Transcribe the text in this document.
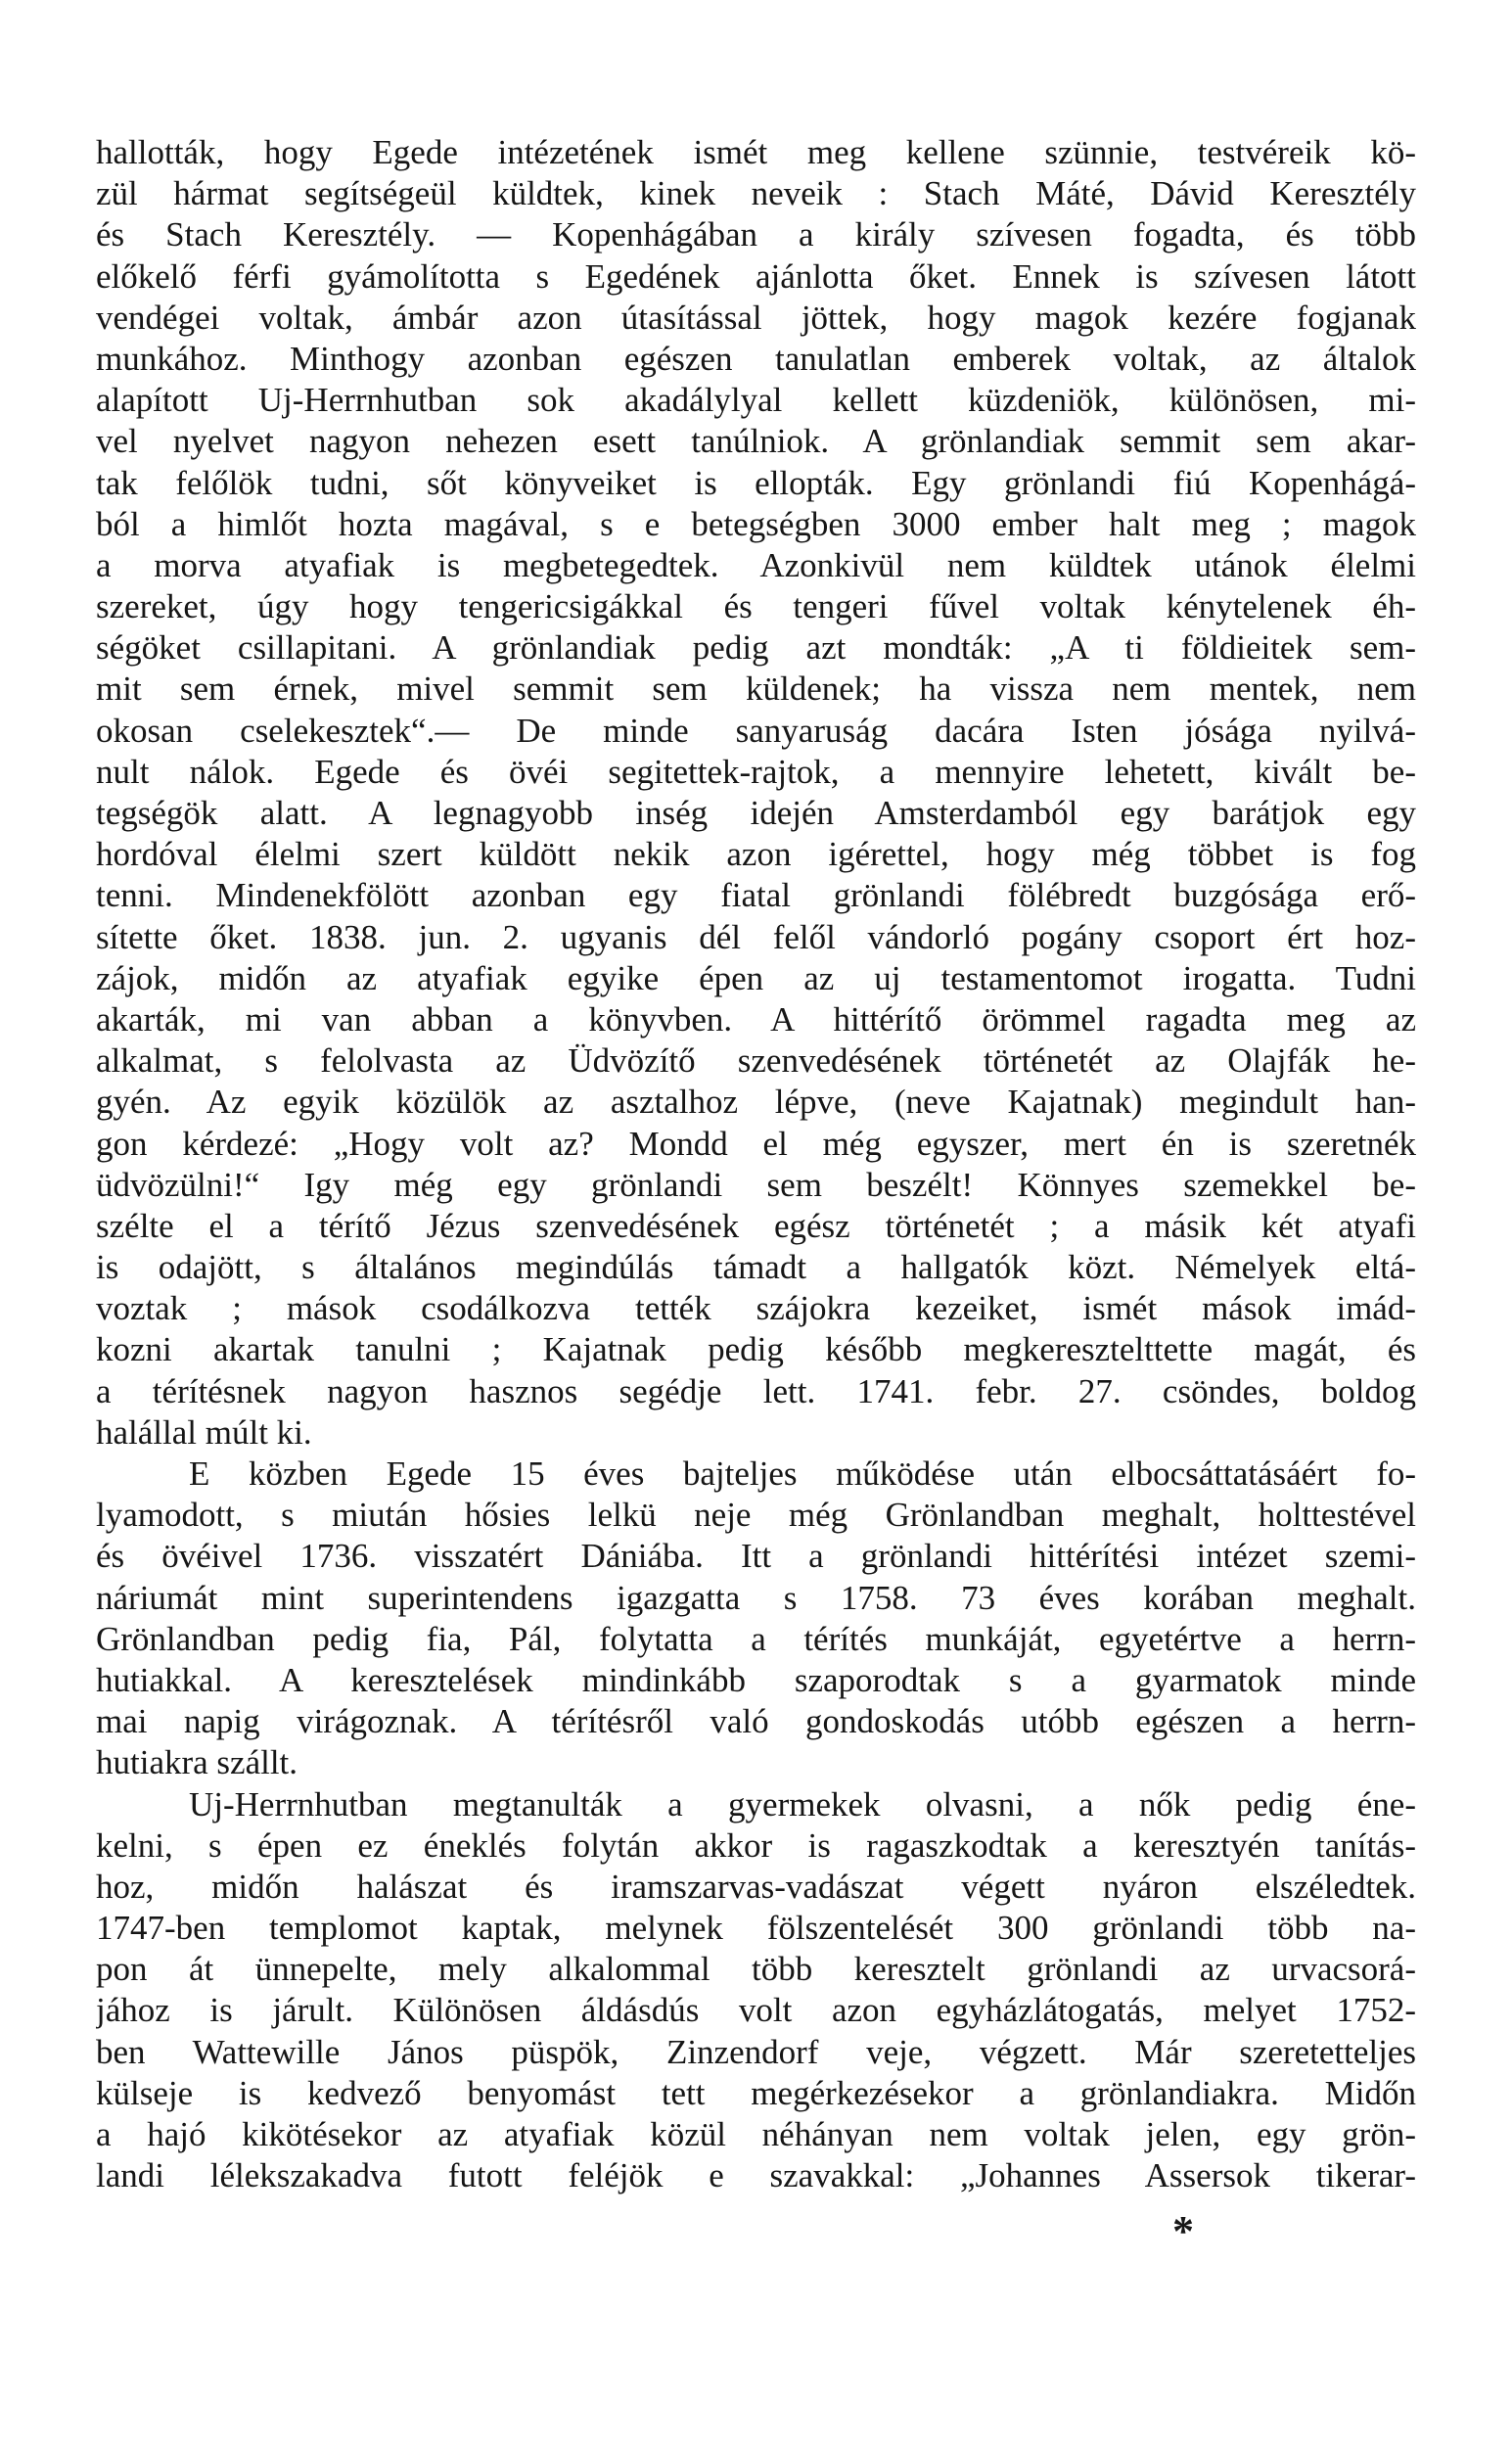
hallották, hogy Egede intézetének ismét meg kellene szünnie, testvéreik kö-
zül hármat segítségeül küldtek, kinek neveik : Stach Máté, Dávid Keresztély
és Stach Keresztély. — Kopenhágában a király szívesen fogadta, és több
előkelő férfi gyámolította s Egedének ajánlotta őket. Ennek is szívesen látott
vendégei voltak, ámbár azon útasítással jöttek, hogy magok kezére fogjanak
munkához. Minthogy azonban egészen tanulatlan emberek voltak, az általok
alapított Uj-Herrnhutban sok akadálylyal kellett küzdeniök, különösen, mi-
vel nyelvet nagyon nehezen esett tanúlniok. A grönlandiak semmit sem akar-
tak felőlök tudni, sőt könyveiket is ellopták. Egy grönlandi fiú Kopenhágá-
ból a himlőt hozta magával, s e betegségben 3000 ember halt meg ; magok
a morva atyafiak is megbetegedtek. Azonkivül nem küldtek utánok élelmi
szereket, úgy hogy tengericsigákkal és tengeri fűvel voltak kénytelenek éh-
ségöket csillapitani. A grönlandiak pedig azt mondták: „A ti földieitek sem-
mit sem érnek, mivel semmit sem küldenek; ha vissza nem mentek, nem
okosan cselekesztek“.— De minde sanyaruság dacára Isten jósága nyilvá-
nult nálok. Egede és övéi segitettek-rajtok, a mennyire lehetett, kivált be-
tegségök alatt. A legnagyobb inség idején Amsterdamból egy barátjok egy
hordóval élelmi szert küldött nekik azon igérettel, hogy még többet is fog
tenni. Mindenekfölött azonban egy fiatal grönlandi fölébredt buzgósága erő-
sítette őket. 1838. jun. 2. ugyanis dél felől vándorló pogány csoport ért hoz-
zájok, midőn az atyafiak egyike épen az uj testamentomot irogatta. Tudni
akarták, mi van abban a könyvben. A hittérítő örömmel ragadta meg az
alkalmat, s felolvasta az Üdvözítő szenvedésének történetét az Olajfák he-
gyén. Az egyik közülök az asztalhoz lépve, (neve Kajatnak) megindult han-
gon kérdezé: „Hogy volt az? Mondd el még egyszer, mert én is szeretnék
üdvözülni!“ Igy még egy grönlandi sem beszélt! Könnyes szemekkel be-
szélte el a térítő Jézus szenvedésének egész történetét ; a másik két atyafi
is odajött, s általános megindúlás támadt a hallgatók közt. Némelyek eltá-
voztak ; mások csodálkozva tették szájokra kezeiket, ismét mások imád-
kozni akartak tanulni ; Kajatnak pedig később megkeresztelttette magát, és
a térítésnek nagyon hasznos segédje lett. 1741. febr. 27. csöndes, boldog
halállal múlt ki.
E közben Egede 15 éves bajteljes működése után elbocsáttatásáért fo-
lyamodott, s miután hősies lelkü neje még Grönlandban meghalt, holttestével
és övéivel 1736. visszatért Dániába. Itt a grönlandi hittérítési intézet szemi-
náriumát mint superintendens igazgatta s 1758. 73 éves korában meghalt.
Grönlandban pedig fia, Pál, folytatta a térítés munkáját, egyetértve a herrn-
hutiakkal. A keresztelések mindinkább szaporodtak s a gyarmatok minde
mai napig virágoznak. A térítésről való gondoskodás utóbb egészen a herrn-
hutiakra szállt.
Uj-Herrnhutban megtanulták a gyermekek olvasni, a nők pedig éne-
kelni, s épen ez éneklés folytán akkor is ragaszkodtak a keresztyén tanítás-
hoz, midőn halászat és iramszarvas-vadászat végett nyáron elszéledtek.
1747-ben templomot kaptak, melynek fölszentelését 300 grönlandi több na-
pon át ünnepelte, mely alkalommal több keresztelt grönlandi az urvacsorá-
jához is járult. Különösen áldásdús volt azon egyházlátogatás, melyet 1752-
ben Wattewille János püspök, Zinzendorf veje, végzett. Már szeretetteljes
külseje is kedvező benyomást tett megérkezésekor a grönlandiakra. Midőn
a hajó kikötésekor az atyafiak közül néhányan nem voltak jelen, egy grön-
landi lélekszakadva futott feléjök e szavakkal: „Johannes Assersok tikerar-
*
